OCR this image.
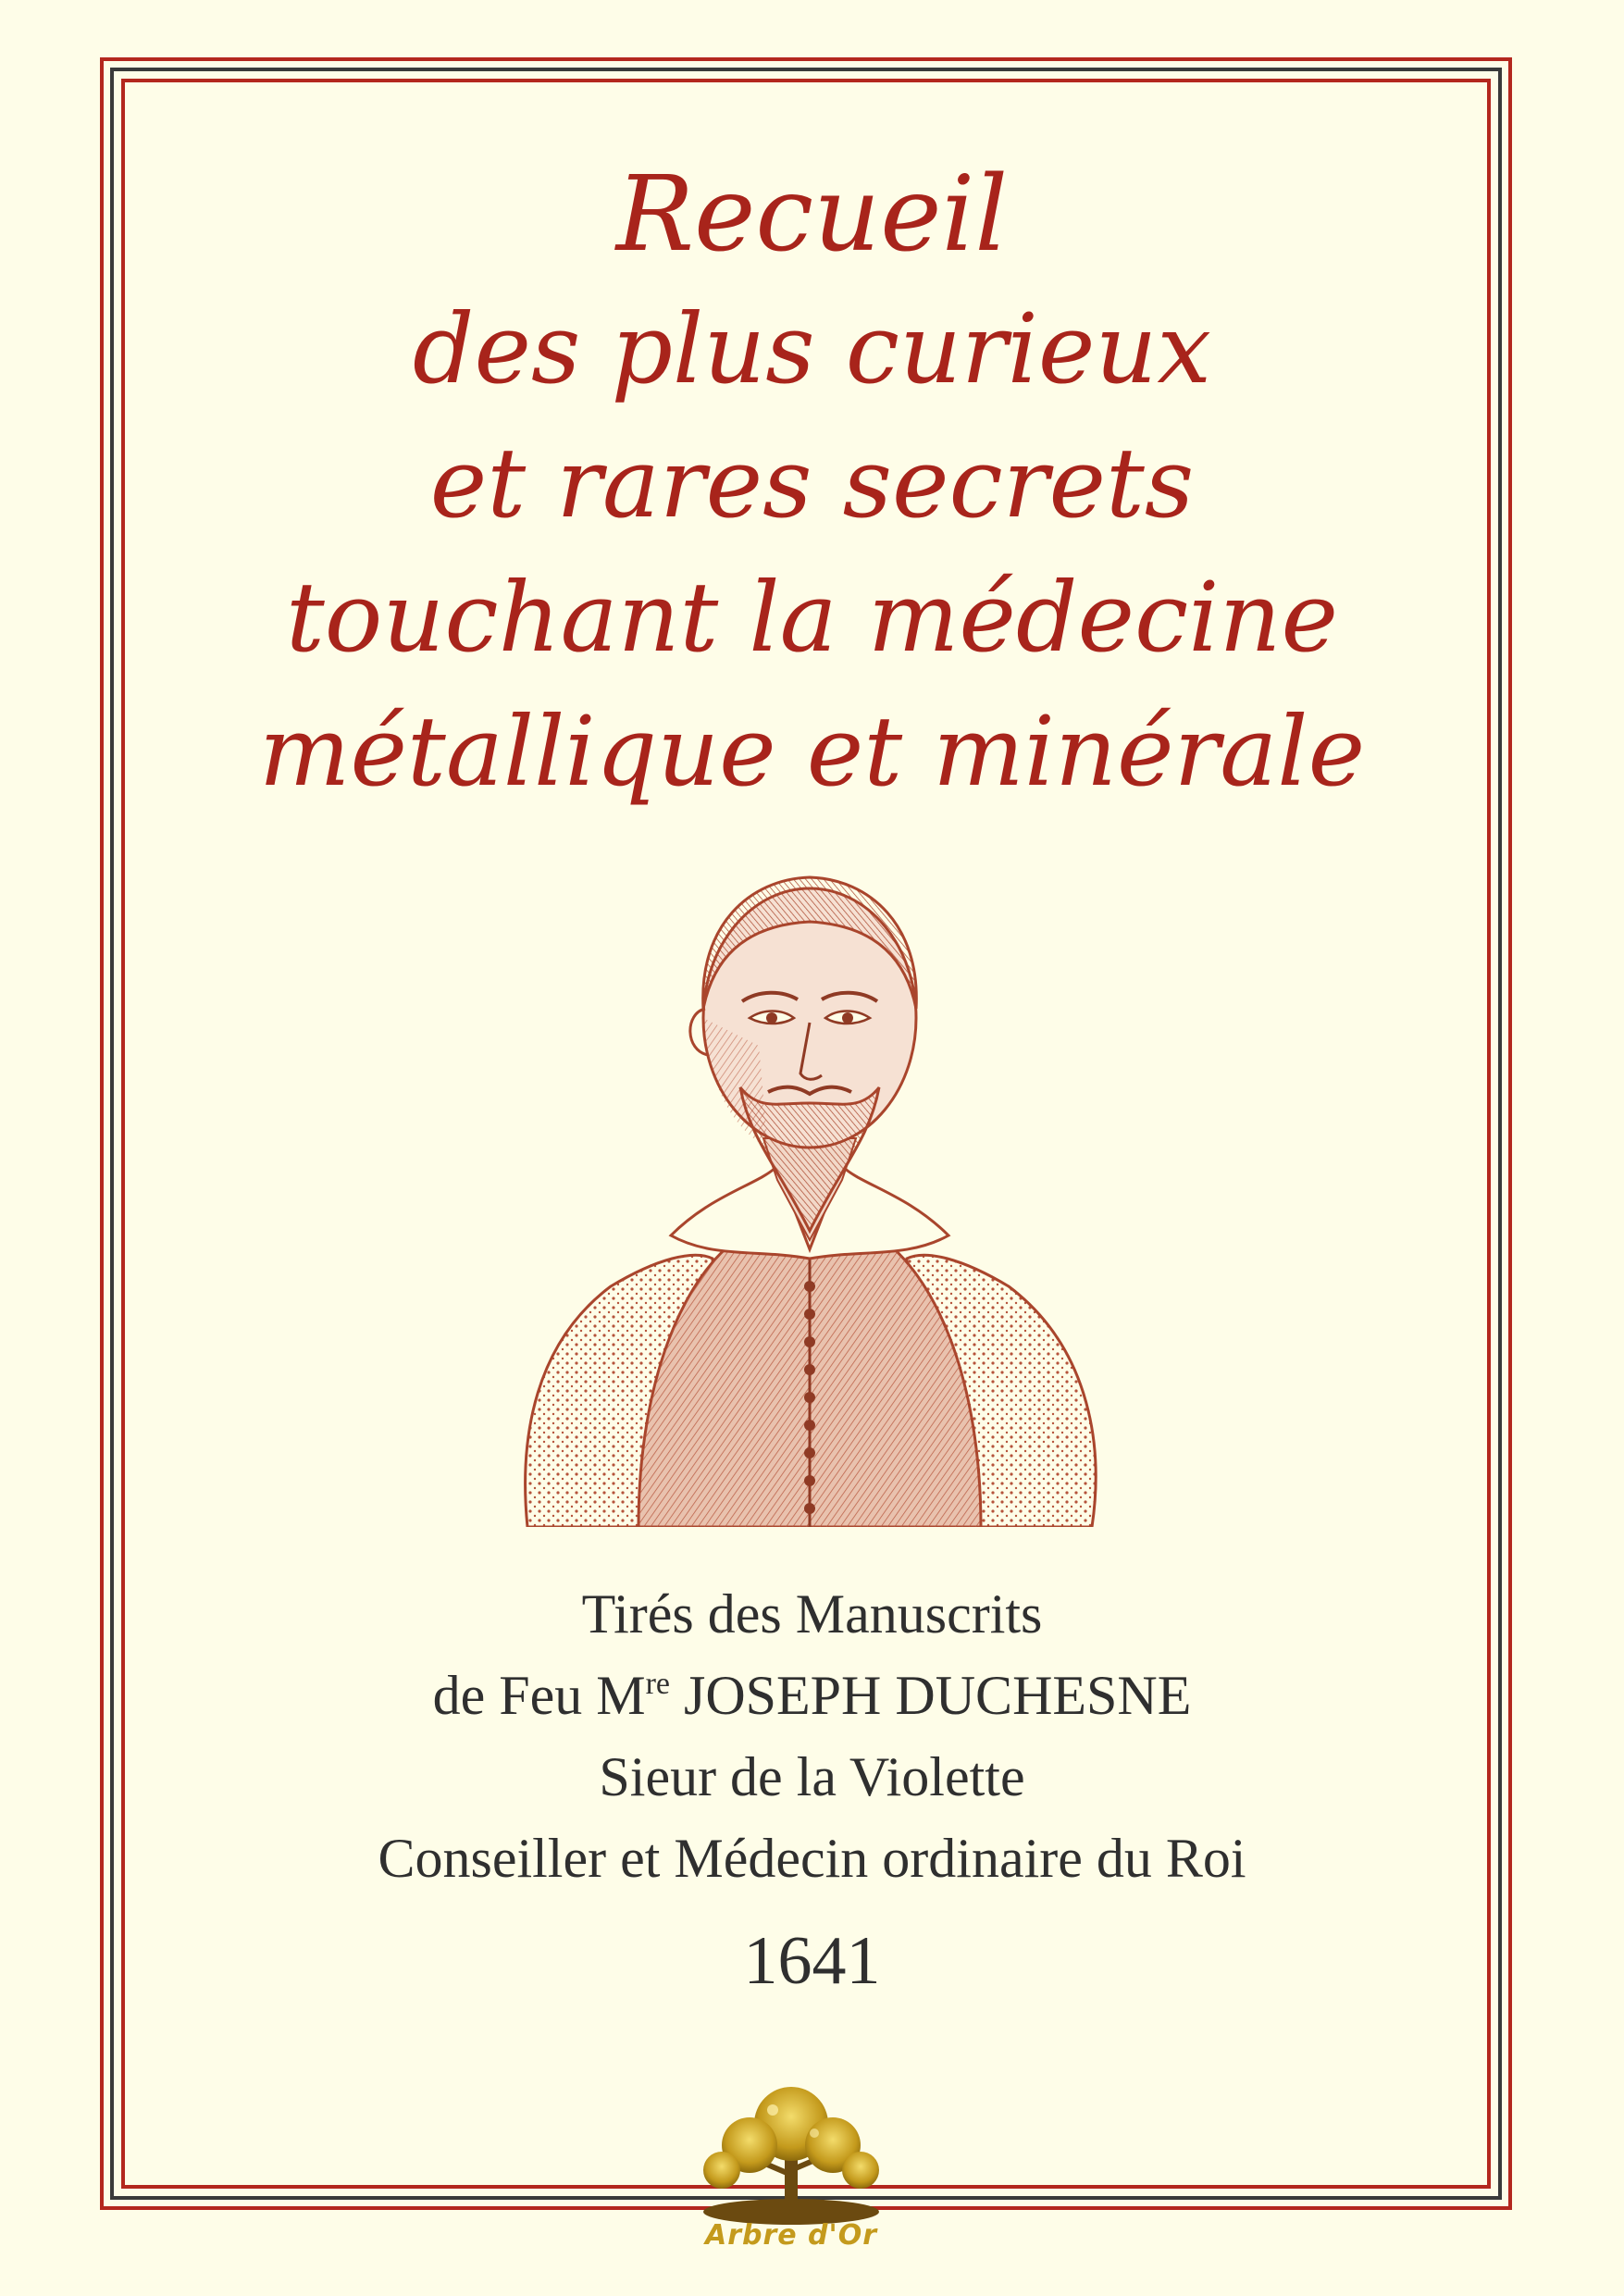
Recueil
des plus curieux
et rares secrets
touchant la médecine
métallique et minérale
Tirés des Manuscrits
de Feu Mre JOSEPH DUCHESNE
Sieur de la Violette
Conseiller et Médecin ordinaire du Roi
1641
Arbre d'Or
